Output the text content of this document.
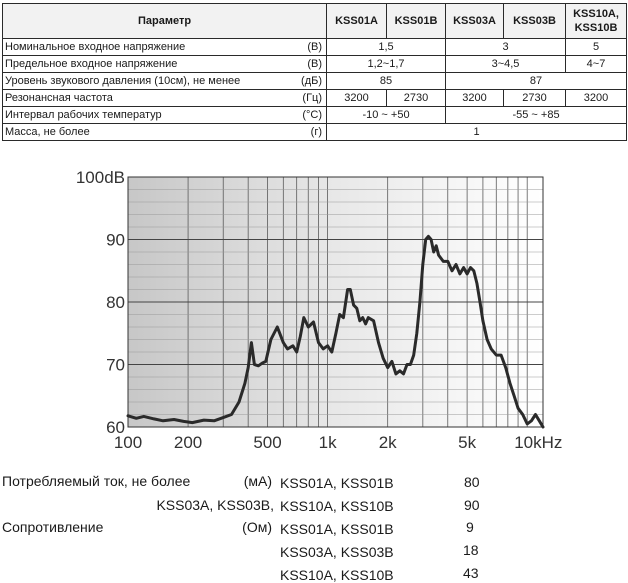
Параметр		KSS01A	KSS01B	KSS03A	KSS03B	KSS10A,
KSS10B
Номинальное входное напряжение	(В)	1,5		3		5
Предельное входное напряжение	(В)	1,2~1,7		3~4,5		4~7
Уровень звукового давления (10см), не менее	(дБ)	85		87		
Резонансная частота	(Гц)	3200	2730	3200	2730	3200
Интервал рабочих температур	(°С)	-10 ~ +50		-55 ~ +85		
Масса, не более	(г)	1				
100 200	500 1k 2k	5k 10kHz
100dB
90
80
70
60
Потребляемый ток, не более	(мА) KSS01A, KSS01B	80
KSS03A, KSS03B, KSS10A, KSS10B	90
Сопротивление	(Ом) KSS01A, KSS01B	9
KSS03A, KSS03B	18
KSS10A, KSS10B	43
